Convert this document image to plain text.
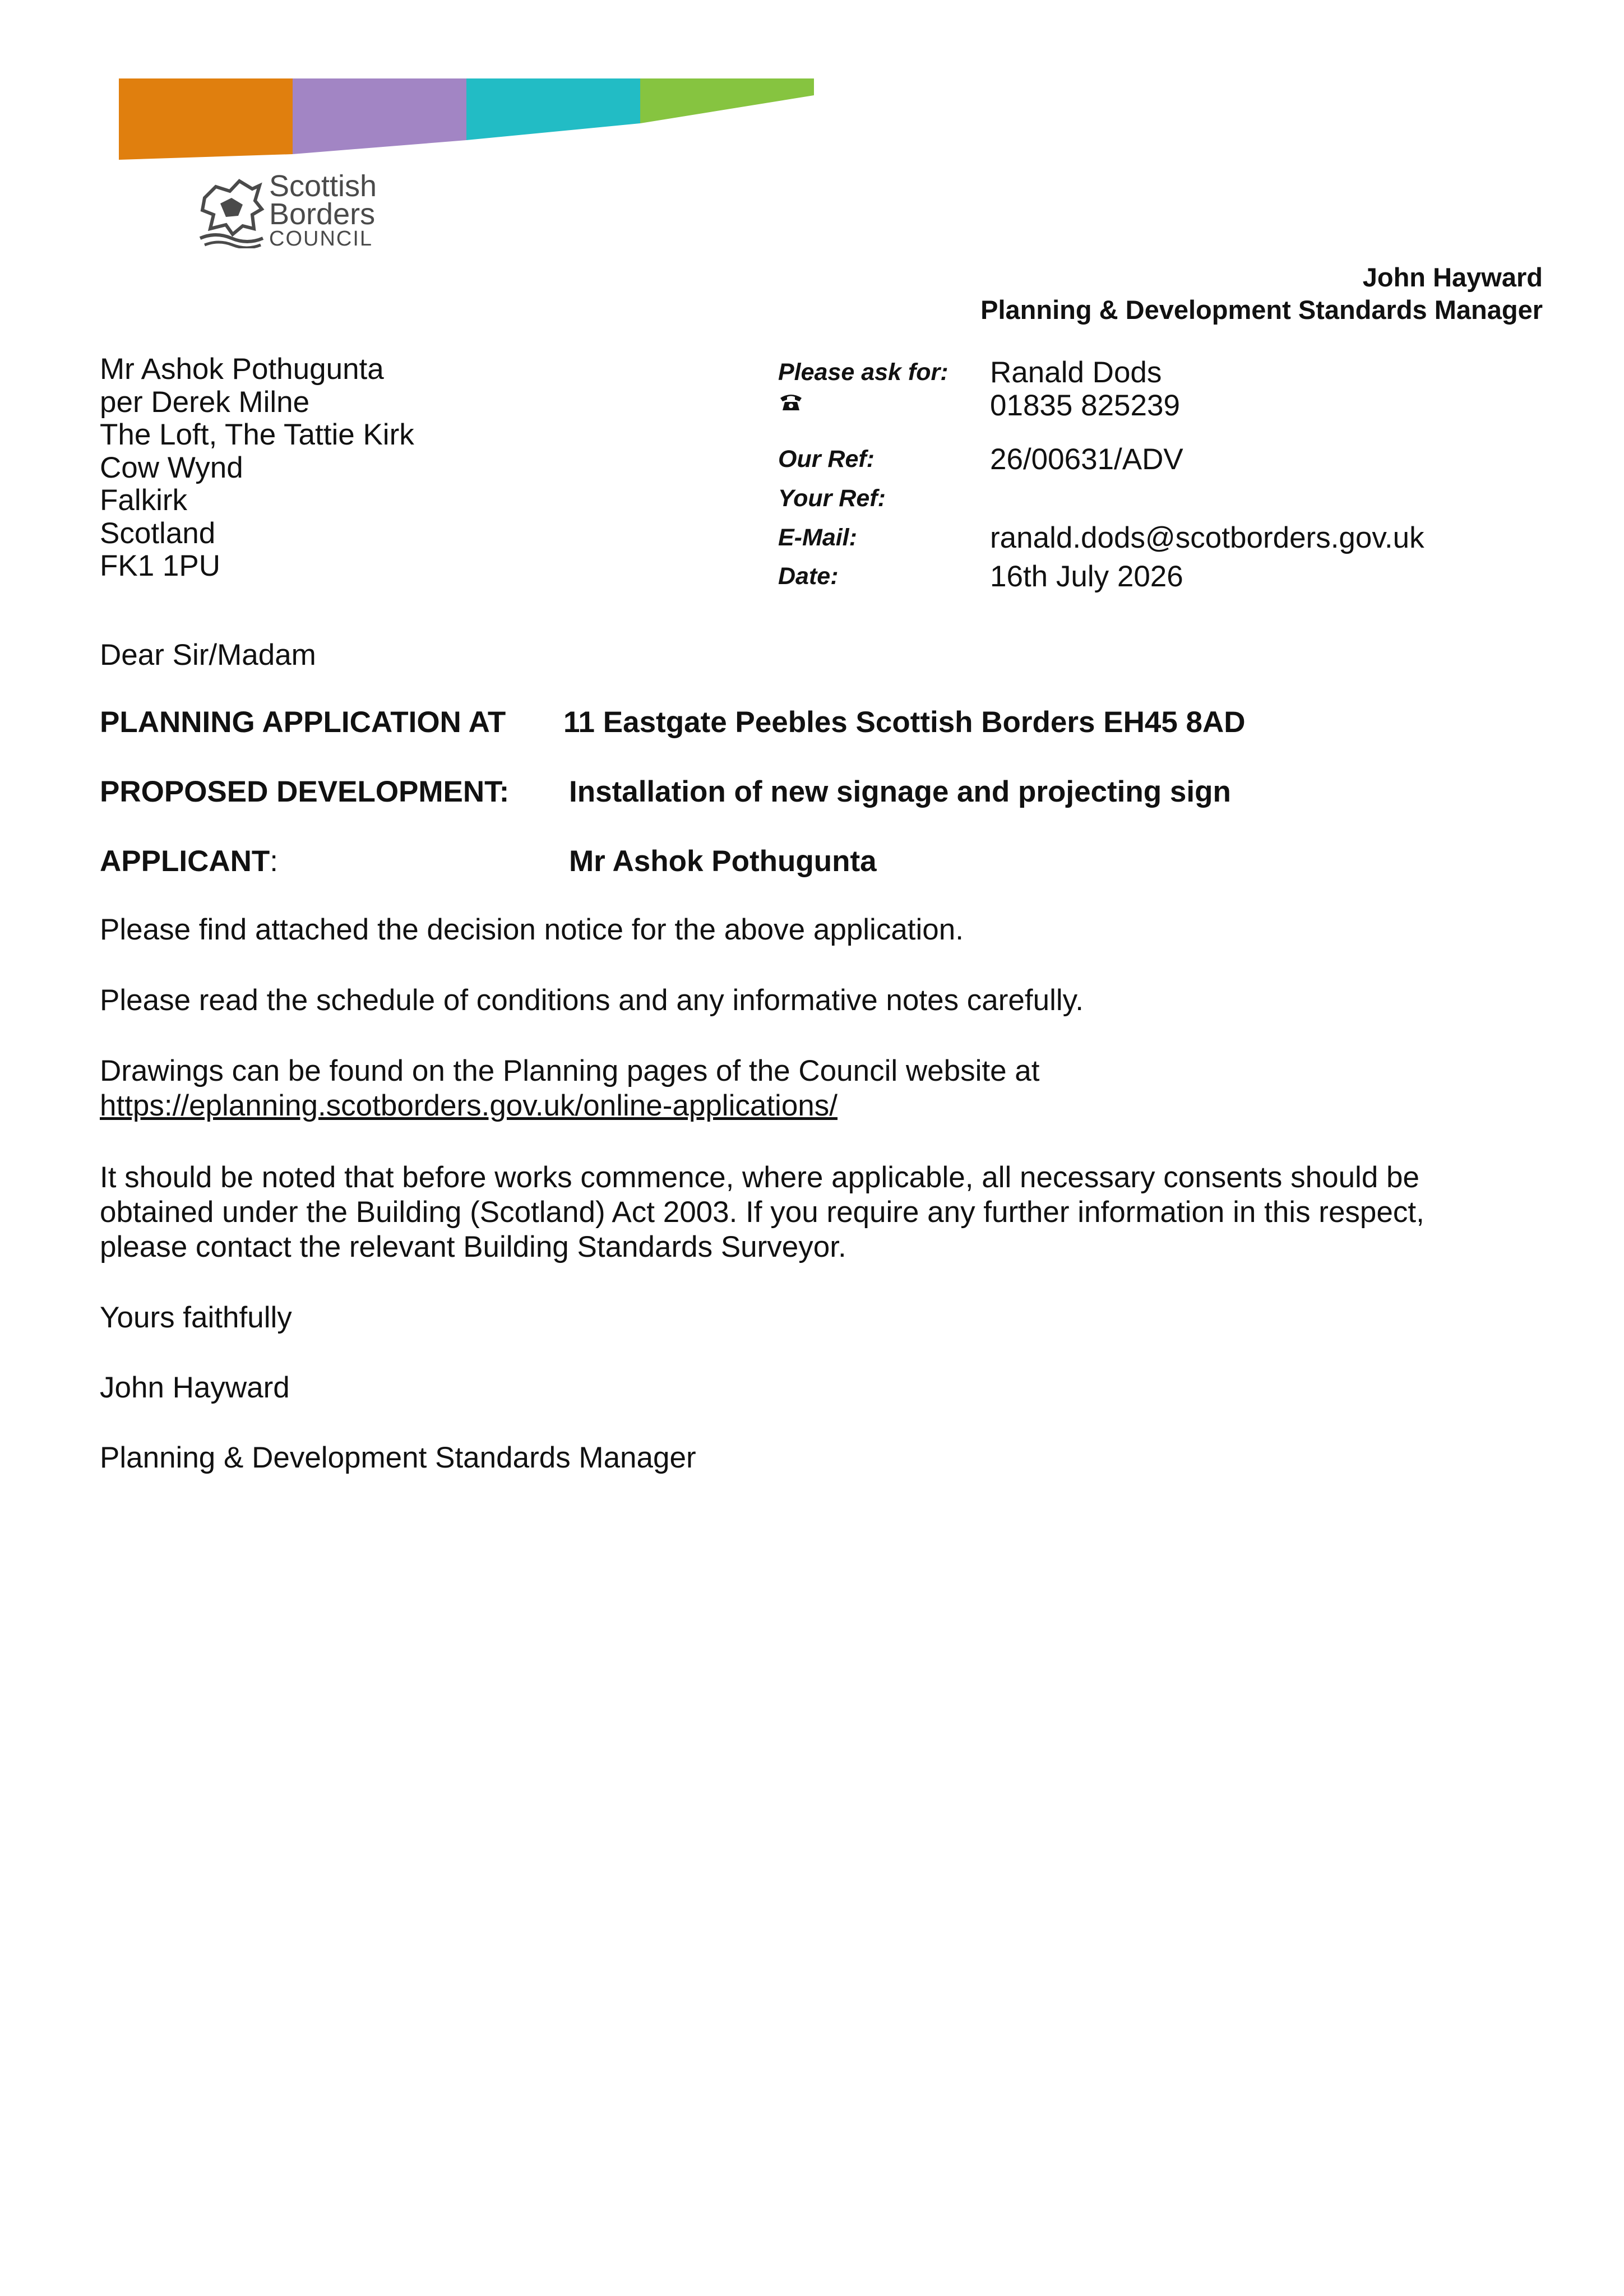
Scottish
Borders
COUNCIL
John Hayward
Planning & Development Standards Manager
Mr Ashok Pothugunta
per Derek Milne
The Loft, The Tattie Kirk
Cow Wynd
Falkirk
Scotland
FK1 1PU
Please ask for: Ranald Dods
01835 825239
Our Ref:	26/00631/ADV
Your Ref:
E-Mail:	ranald.dods@scotborders.gov.uk
Date:	16th July 2026
Dear Sir/Madam
PLANNING APPLICATION AT 11 Eastgate Peebles Scottish Borders EH45 8AD
PROPOSED DEVELOPMENT: Installation of new signage and projecting sign
APPLICANT:	Mr Ashok Pothugunta
Please find attached the decision notice for the above application.
Please read the schedule of conditions and any informative notes carefully.
Drawings can be found on the Planning pages of the Council website at
https://eplanning.scotborders.gov.uk/online-applications/
It should be noted that before works commence, where applicable, all necessary consents should be
obtained under the Building (Scotland) Act 2003. If you require any further information in this respect,
please contact the relevant Building Standards Surveyor.
Yours faithfully
John Hayward
Planning & Development Standards Manager
